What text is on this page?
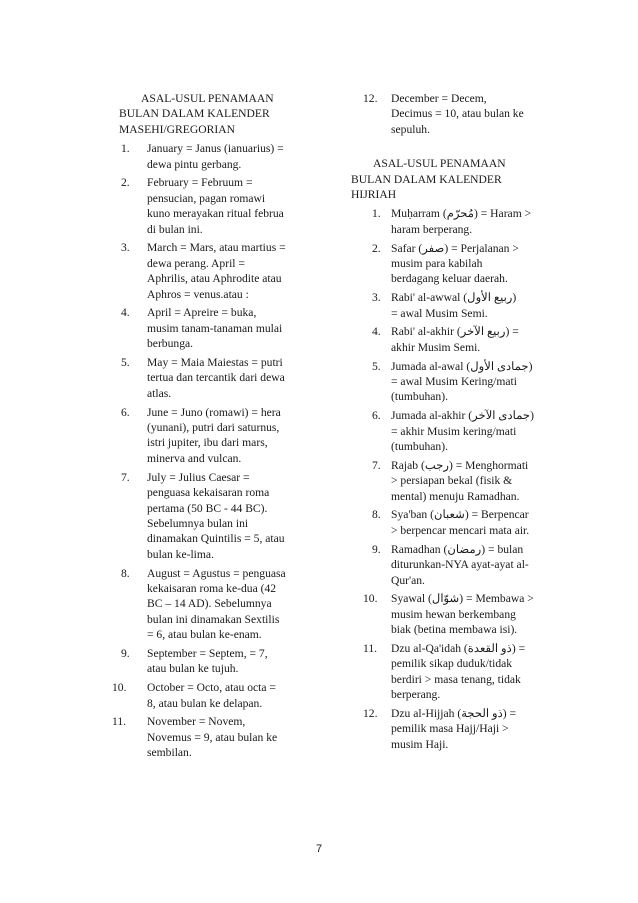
ASAL-USUL PENAMAAN
BULAN DALAM KALENDER
MASEHI/GREGORIAN
1. January = Janus (ianuarius) =
dewa pintu gerbang.
2. February = Februum =
pensucian, pagan romawi
kuno merayakan ritual februa
di bulan ini.
3. March = Mars, atau martius =
dewa perang. April =
Aphrilis, atau Aphrodite atau
Aphros = venus.atau :
4. April = Apreire = buka,
musim tanam-tanaman mulai
berbunga.
5. May = Maia Maiestas = putri
tertua dan tercantik dari dewa
atlas.
6. June = Juno (romawi) = hera
(yunani), putri dari saturnus,
istri jupiter, ibu dari mars,
minerva and vulcan.
7. July = Julius Caesar =
penguasa kekaisaran roma
pertama (50 BC - 44 BC).
Sebelumnya bulan ini
dinamakan Quintilis = 5, atau
bulan ke-lima.
8. August = Agustus = penguasa
kekaisaran roma ke-dua (42
BC – 14 AD). Sebelumnya
bulan ini dinamakan Sextilis
= 6, atau bulan ke-enam.
9. September = Septem, = 7,
atau bulan ke tujuh.
10. October = Octo, atau octa =
8, atau bulan ke delapan.
11. November = Novem,
Novemus = 9, atau bulan ke
sembilan.
12. December = Decem,
Decimus = 10, atau bulan ke
sepuluh.
ASAL-USUL PENAMAAN
BULAN DALAM KALENDER
HIJRIAH
1. Muḥarram (مُحرّم) = Haram >
haram berperang.
2. Safar (صفر) = Perjalanan >
musim para kabilah
berdagang keluar daerah.
3. Rabi' al-awwal (ربيع الأول)
= awal Musim Semi.
4. Rabi' al-akhir (ربيع الآخر) =
akhir Musim Semi.
5. Jumada al-awal (جمادى الأول)
= awal Musim Kering/mati
(tumbuhan).
6. Jumada al-akhir (جمادى الآخر)
= akhir Musim kering/mati
(tumbuhan).
7. Rajab (رجب) = Menghormati
> persiapan bekal (fisik &
mental) menuju Ramadhan.
8. Sya'ban (شعبان) = Berpencar
> berpencar mencari mata air.
9. Ramadhan (رمضان) = bulan
diturunkan-NYA ayat-ayat al-
Qur'an.
10. Syawal (شوّال) = Membawa >
musim hewan berkembang
biak (betina membawa isi).
11. Dzu al-Qa'idah (ذو القعدة) =
pemilik sikap duduk/tidak
berdiri > masa tenang, tidak
berperang.
12. Dzu al-Hijjah (ذو الحجة) =
pemilik masa Hajj/Haji >
musim Haji.
7
